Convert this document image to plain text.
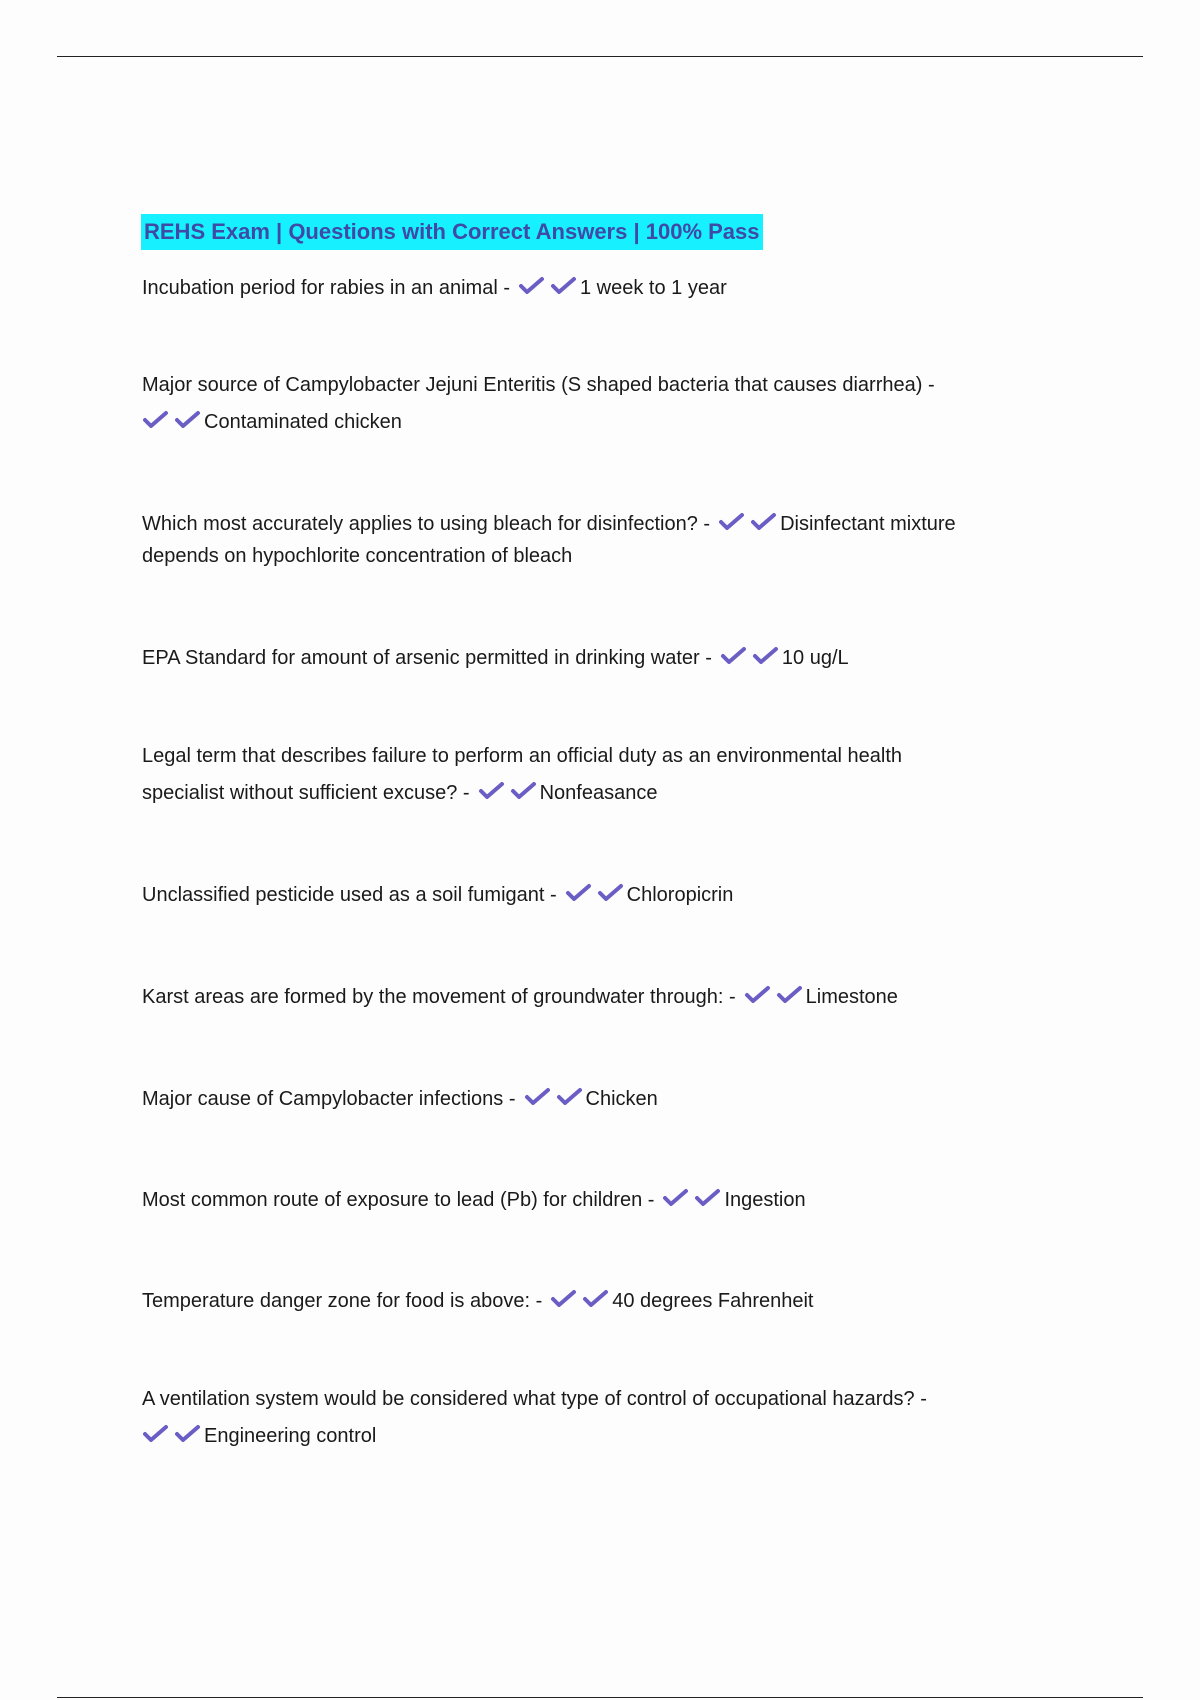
REHS Exam | Questions with Correct Answers | 100% Pass
Incubation period for rabies in an animal -	1 week to 1 year
Major source of Campylobacter Jejuni Enteritis (S shaped bacteria that causes diarrhea) -
Contaminated chicken
Which most accurately applies to using bleach for disinfection? -	Disinfectant mixture
depends on hypochlorite concentration of bleach
EPA Standard for amount of arsenic permitted in drinking water -	10 ug/L
Legal term that describes failure to perform an official duty as an environmental health
specialist without sufficient excuse? -	Nonfeasance
Unclassified pesticide used as a soil fumigant -	Chloropicrin
Karst areas are formed by the movement of groundwater through: -	Limestone
Major cause of Campylobacter infections -	Chicken
Most common route of exposure to lead (Pb) for children -	Ingestion
Temperature danger zone for food is above: -	40 degrees Fahrenheit
A ventilation system would be considered what type of control of occupational hazards? -
Engineering control
